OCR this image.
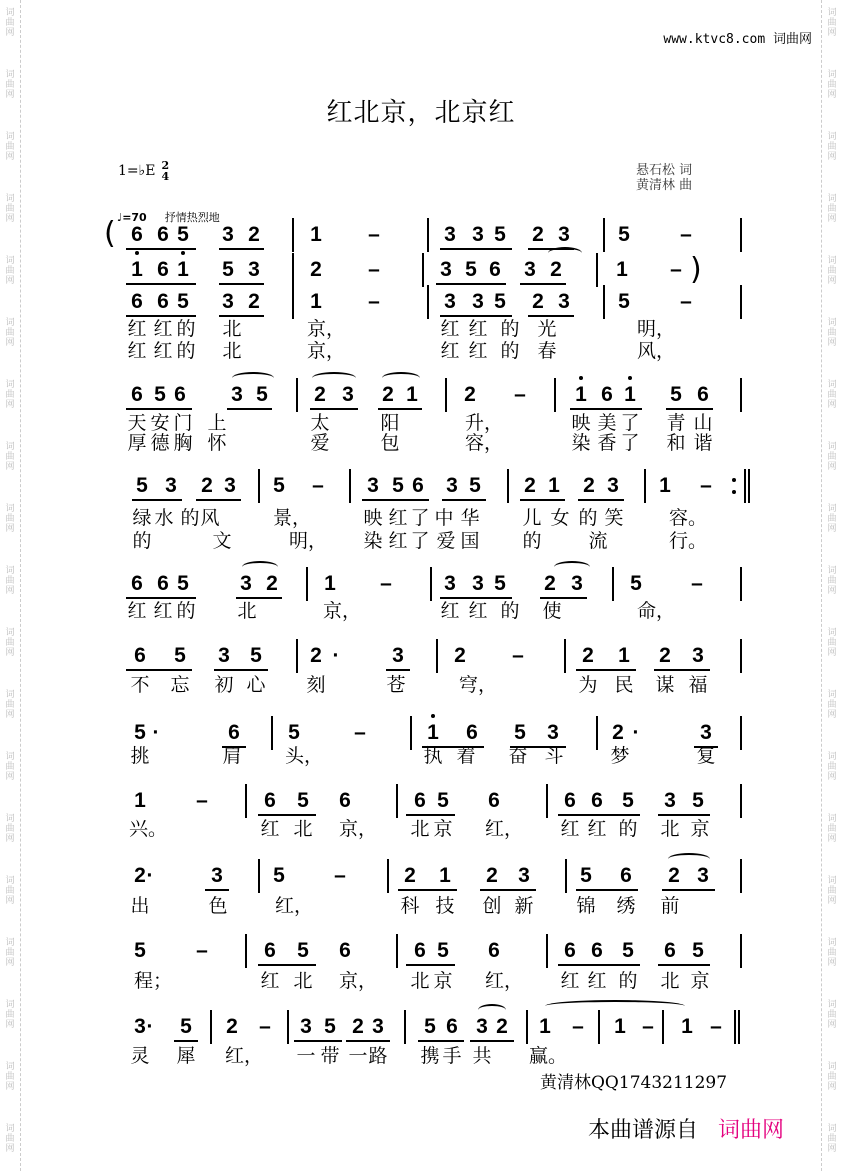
www.ktvc8.com 词曲网
红北京，北京红
1=♭E 2
4	悬石松 词
黄清林 曲
♩=70 抒情热烈地
( 6 6 5 3 2 1 –	3 3 5 2 3 5 –
1 6 1 5 3 2 –	3 5 6 3 2	1 – )
6 6 5 3 2 1 –	3 3 5 2 3 5 –
红 红 的 北	京，	红 红 的 光	明，
红 红 的 北	京，	红 红 的 春	风，
6 5 6 3 5 2 3 2 1 2 – 1 6 1 5 6
天 安 门 上	太	阳	升，	映 美 了 青 山
厚 德 胸 怀	爱	包	容，	染 香 了 和 谐
5 3 2 3 5 – 3 5 6 3 5 2 1 2 3 1 –
绿 水 的 风	景，	映 红 了 中 华 儿 女 的 笑 容。
的	文	明， 染 红 了 爱 国 的 流	行。
6 6 5 3 2 1 – 3 3 5 2 3 5 –
红 红 的 北	京，	红 红 的 使	命，
6 5 3 5 2 ·	3 2 –	2 1 2 3
不 忘 初 心 刻	苍	穹，	为 民 谋 福
5 ·	6 5	–	1 6 5 3	2 ·	3
挑	肩 头，	执 着 奋 斗 梦	复
1 –	6 5 6	6 5 6	6 6 5 3 5
兴。	红 北 京， 北 京 红， 红 红 的 北 京
2 ·	3 5 –	2 1 2 3 5 6 2 3
出	色	红，	科 技 创 新 锦 绣 前
5 –	6 5 6	6 5 6	6 6 5 6 5
程；	红 北 京， 北 京 红， 红 红 的 北 京
3 ·	5 2 – 3 5 2 3 5 6 3 2 1 – 1 – 1 –
灵 犀 红， 一 带 一 路 携 手 共 赢。
黄清林QQ1743211297
本曲谱源自 词曲网
词
曲
网
词
曲
网
词
曲
网
词
曲
网
词
曲
网
词
曲
网
词
曲
网
词
曲
网
词
曲
网
词
曲
网
词
曲
网
词
曲
网
词
曲
网
词
曲
网
词
曲
网
词
曲
网
词
曲
网
词
曲
网
词
曲
网
词
曲
网
词
曲
网
词
曲
网
词
曲
网
词
曲
网
词
曲
网
词
曲
网
词
曲
网
词
曲
网
词
曲
网
词
曲
网
词
曲
网
词
曲
网
词
曲
网
词
曲
网
词
曲
网
词
曲
网
词
曲
网
词
曲
网
